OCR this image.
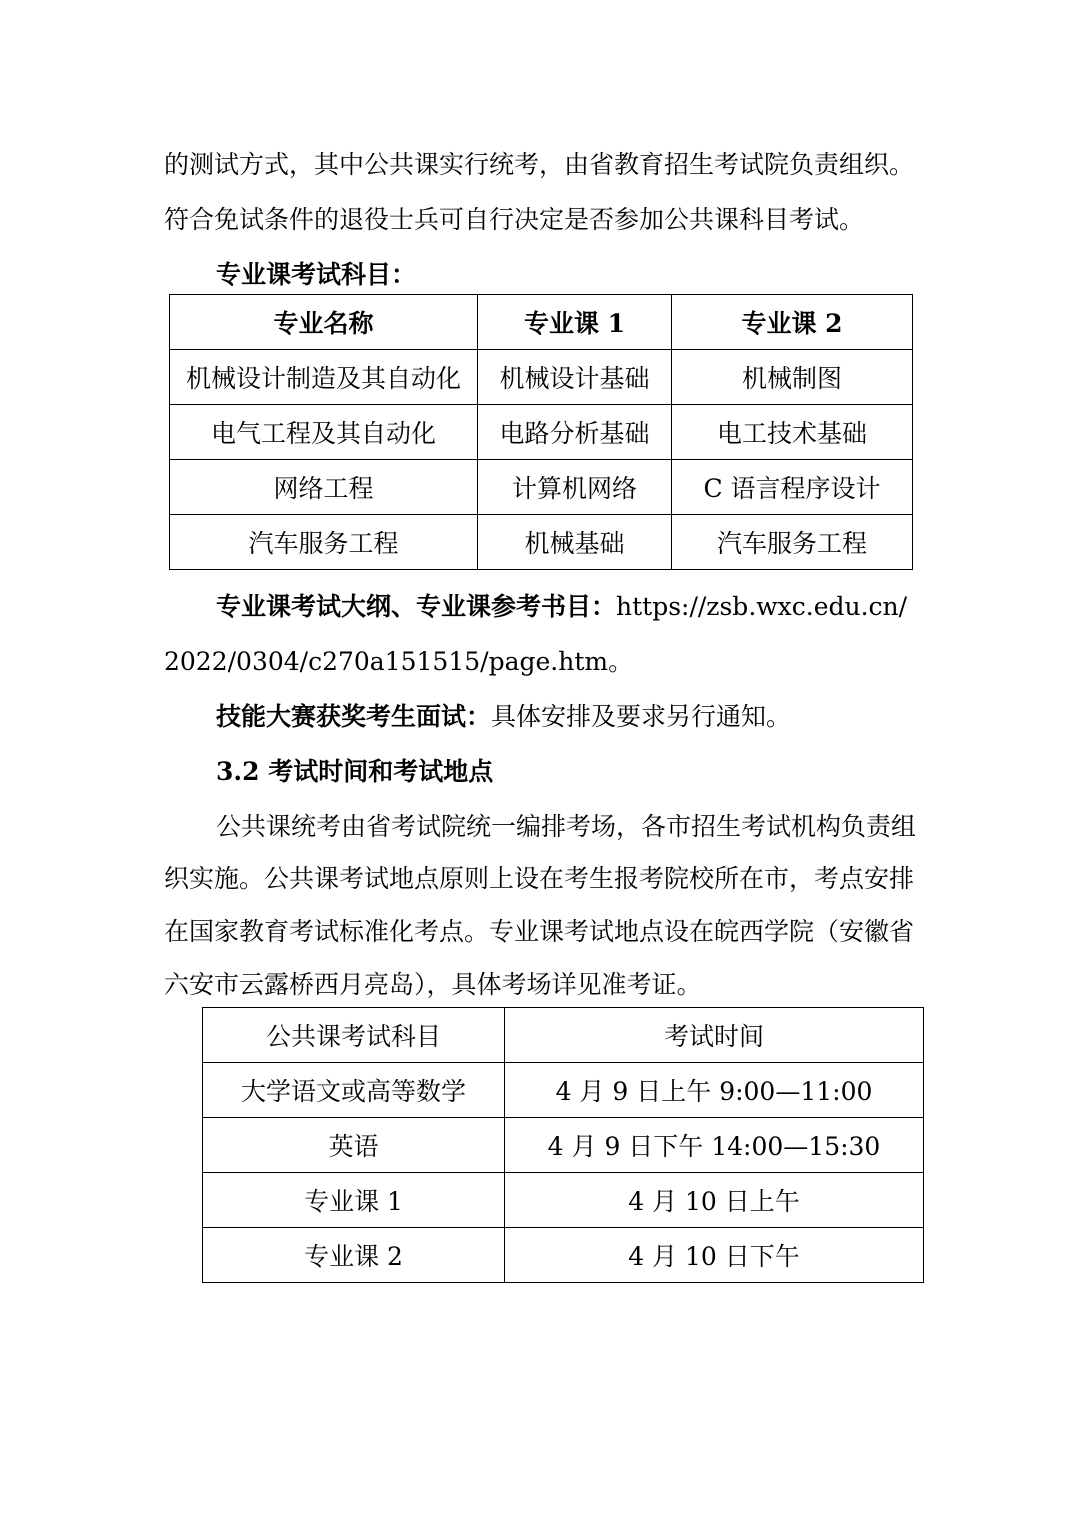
的测试方式，其中公共课实行统考，由省教育招生考试院负责组织。
符合免试条件的退役士兵可自行决定是否参加公共课科目考试。
专业课考试科目：
专业名称	专业课 1	专业课 2
机械设计制造及其自动化	机械设计基础	机械制图
电气工程及其自动化	电路分析基础	电工技术基础
网络工程	计算机网络	C 语言程序设计
汽车服务工程	机械基础	汽车服务工程
专业课考试大纲、专业课参考书目：https://zsb.wxc.edu.cn/
2022/0304/c270a151515/page.htm。
技能大赛获奖考生面试：具体安排及要求另行通知。
3.2 考试时间和考试地点
公共课统考由省考试院统一编排考场，各市招生考试机构负责组
织实施。公共课考试地点原则上设在考生报考院校所在市，考点安排
在国家教育考试标准化考点。专业课考试地点设在皖西学院（安徽省
六安市云露桥西月亮岛），具体考场详见准考证。
公共课考试科目	考试时间
大学语文或高等数学	4 月 9 日上午 9:00—11:00
英语	4 月 9 日下午 14:00—15:30
专业课 1	4 月 10 日上午
专业课 2	4 月 10 日下午
